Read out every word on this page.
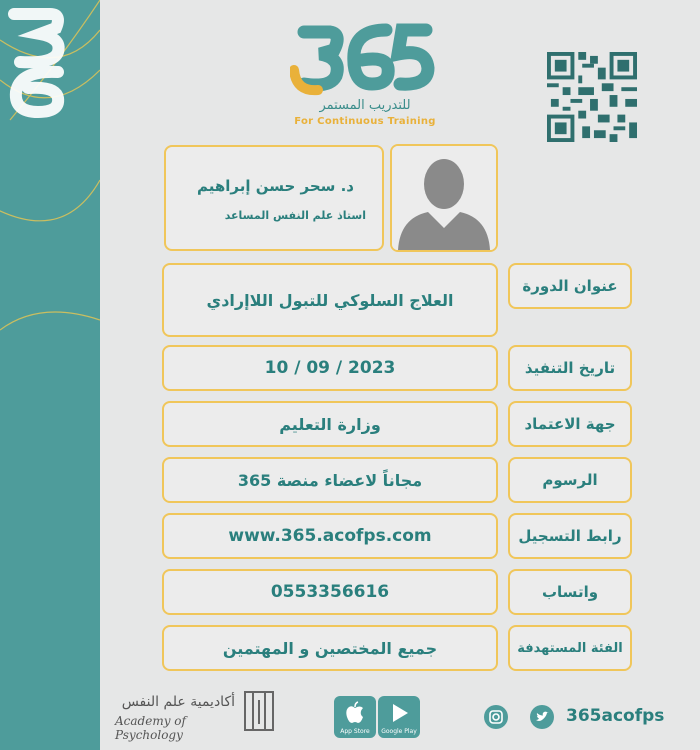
للتدريب المستمر
For Continuous Training
د. سحر حسن إبراهيم
استاذ علم النفس المساعد
عنوان الدورة
العلاج السلوكي للتبول اللاإرادي
تاريخ التنفيذ
10 / 09 / 2023
جهة الاعتماد
وزارة التعليم
الرسوم
مجاناً لاعضاء منصة 365
رابط التسجيل
www.365.acofps.com
واتساب
0553356616
الفئة المستهدفة
جميع المختصين و المهتمين
أكاديمية علم النفس
Academy of Psychology	App Store	Google Play
365acofps
